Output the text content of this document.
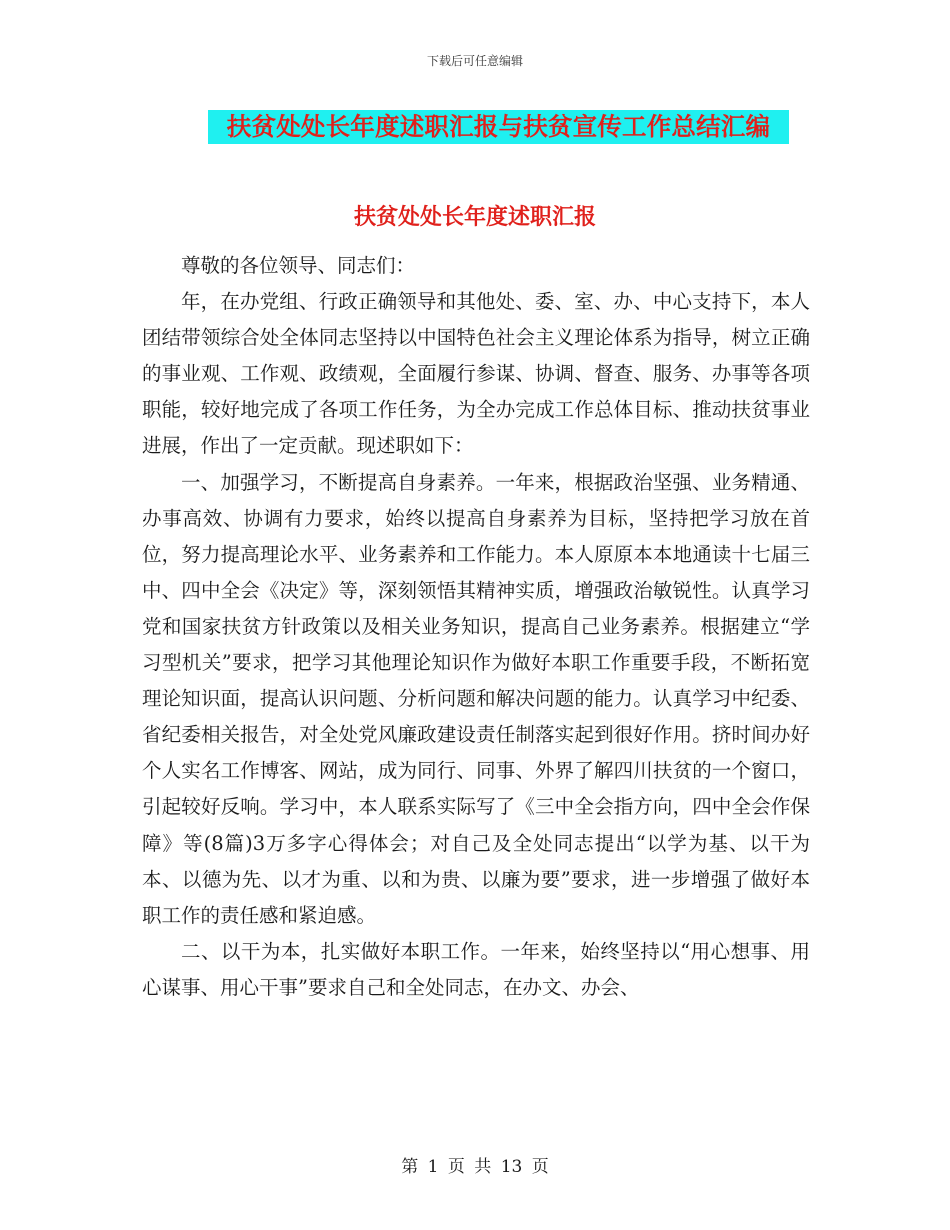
下载后可任意编辑
扶贫处处长年度述职汇报与扶贫宣传工作总结汇编
扶贫处处长年度述职汇报

尊敬的各位领导、同志们：

年，在办党组、行政正确领导和其他处、委、室、办、中心支持下，本人团结带领综合处全体同志坚持以中国特色社会主义理论体系为指导，树立正确的事业观、工作观、政绩观，全面履行参谋、协调、督查、服务、办事等各项职能，较好地完成了各项工作任务，为全办完成工作总体目标、推动扶贫事业进展，作出了一定贡献。现述职如下：

一、加强学习，不断提高自身素养。一年来，根据政治坚强、业务精通、办事高效、协调有力要求，始终以提高自身素养为目标，坚持把学习放在首位，努力提高理论水平、业务素养和工作能力。本人原原本本地通读十七届三中、四中全会《决定》等，深刻领悟其精神实质，增强政治敏锐性。认真学习党和国家扶贫方针政策以及相关业务知识，提高自己业务素养。根据建立“学习型机关”要求，把学习其他理论知识作为做好本职工作重要手段，不断拓宽理论知识面，提高认识问题、分析问题和解决问题的能力。认真学习中纪委、省纪委相关报告，对全处党风廉政建设责任制落实起到很好作用。挤时间办好个人实名工作博客、网站，成为同行、同事、外界了解四川扶贫的一个窗口，引起较好反响。学习中，本人联系实际写了《三中全会指方向，四中全会作保障》等(8篇)3万多字心得体会；对自己及全处同志提出“以学为基、以干为本、以德为先、以才为重、以和为贵、以廉为要”要求，进一步增强了做好本职工作的责任感和紧迫感。

二、以干为本，扎实做好本职工作。一年来，始终坚持以“用心想事、用心谋事、用心干事”要求自己和全处同志，在办文、办会、

第 1 页 共 13 页
